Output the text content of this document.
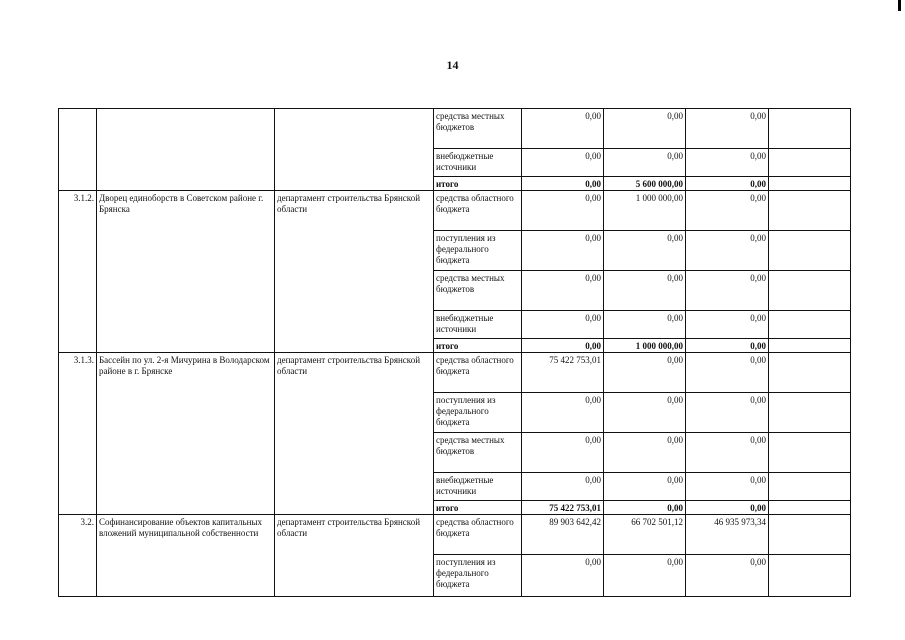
14
			средства местных бюджетов	0,00	0,00	0,00	
			внебюджетные источники	0,00	0,00	0,00	
			итого	0,00	5 600 000,00	0,00	
3.1.2.	Дворец единоборств в Советском районе г. Брянска	департамент строительства Брянской области	средства областного бюджета	0,00	1 000 000,00	0,00	
			поступления из федерального бюджета	0,00	0,00	0,00	
			средства местных бюджетов	0,00	0,00	0,00	
			внебюджетные источники	0,00	0,00	0,00	
			итого	0,00	1 000 000,00	0,00	
3.1.3.	Бассейн по ул. 2-я Мичурина в Володарском районе в г. Брянске	департамент строительства Брянской области	средства областного бюджета	75 422 753,01	0,00	0,00	
			поступления из федерального бюджета	0,00	0,00	0,00	
			средства местных бюджетов	0,00	0,00	0,00	
			внебюджетные источники	0,00	0,00	0,00	
			итого	75 422 753,01	0,00	0,00	
3.2.	Софинансирование объектов капитальных вложений муниципальной собственности	департамент строительства Брянской области	средства областного бюджета	89 903 642,42	66 702 501,12	46 935 973,34	
			поступления из федерального бюджета	0,00	0,00	0,00	
